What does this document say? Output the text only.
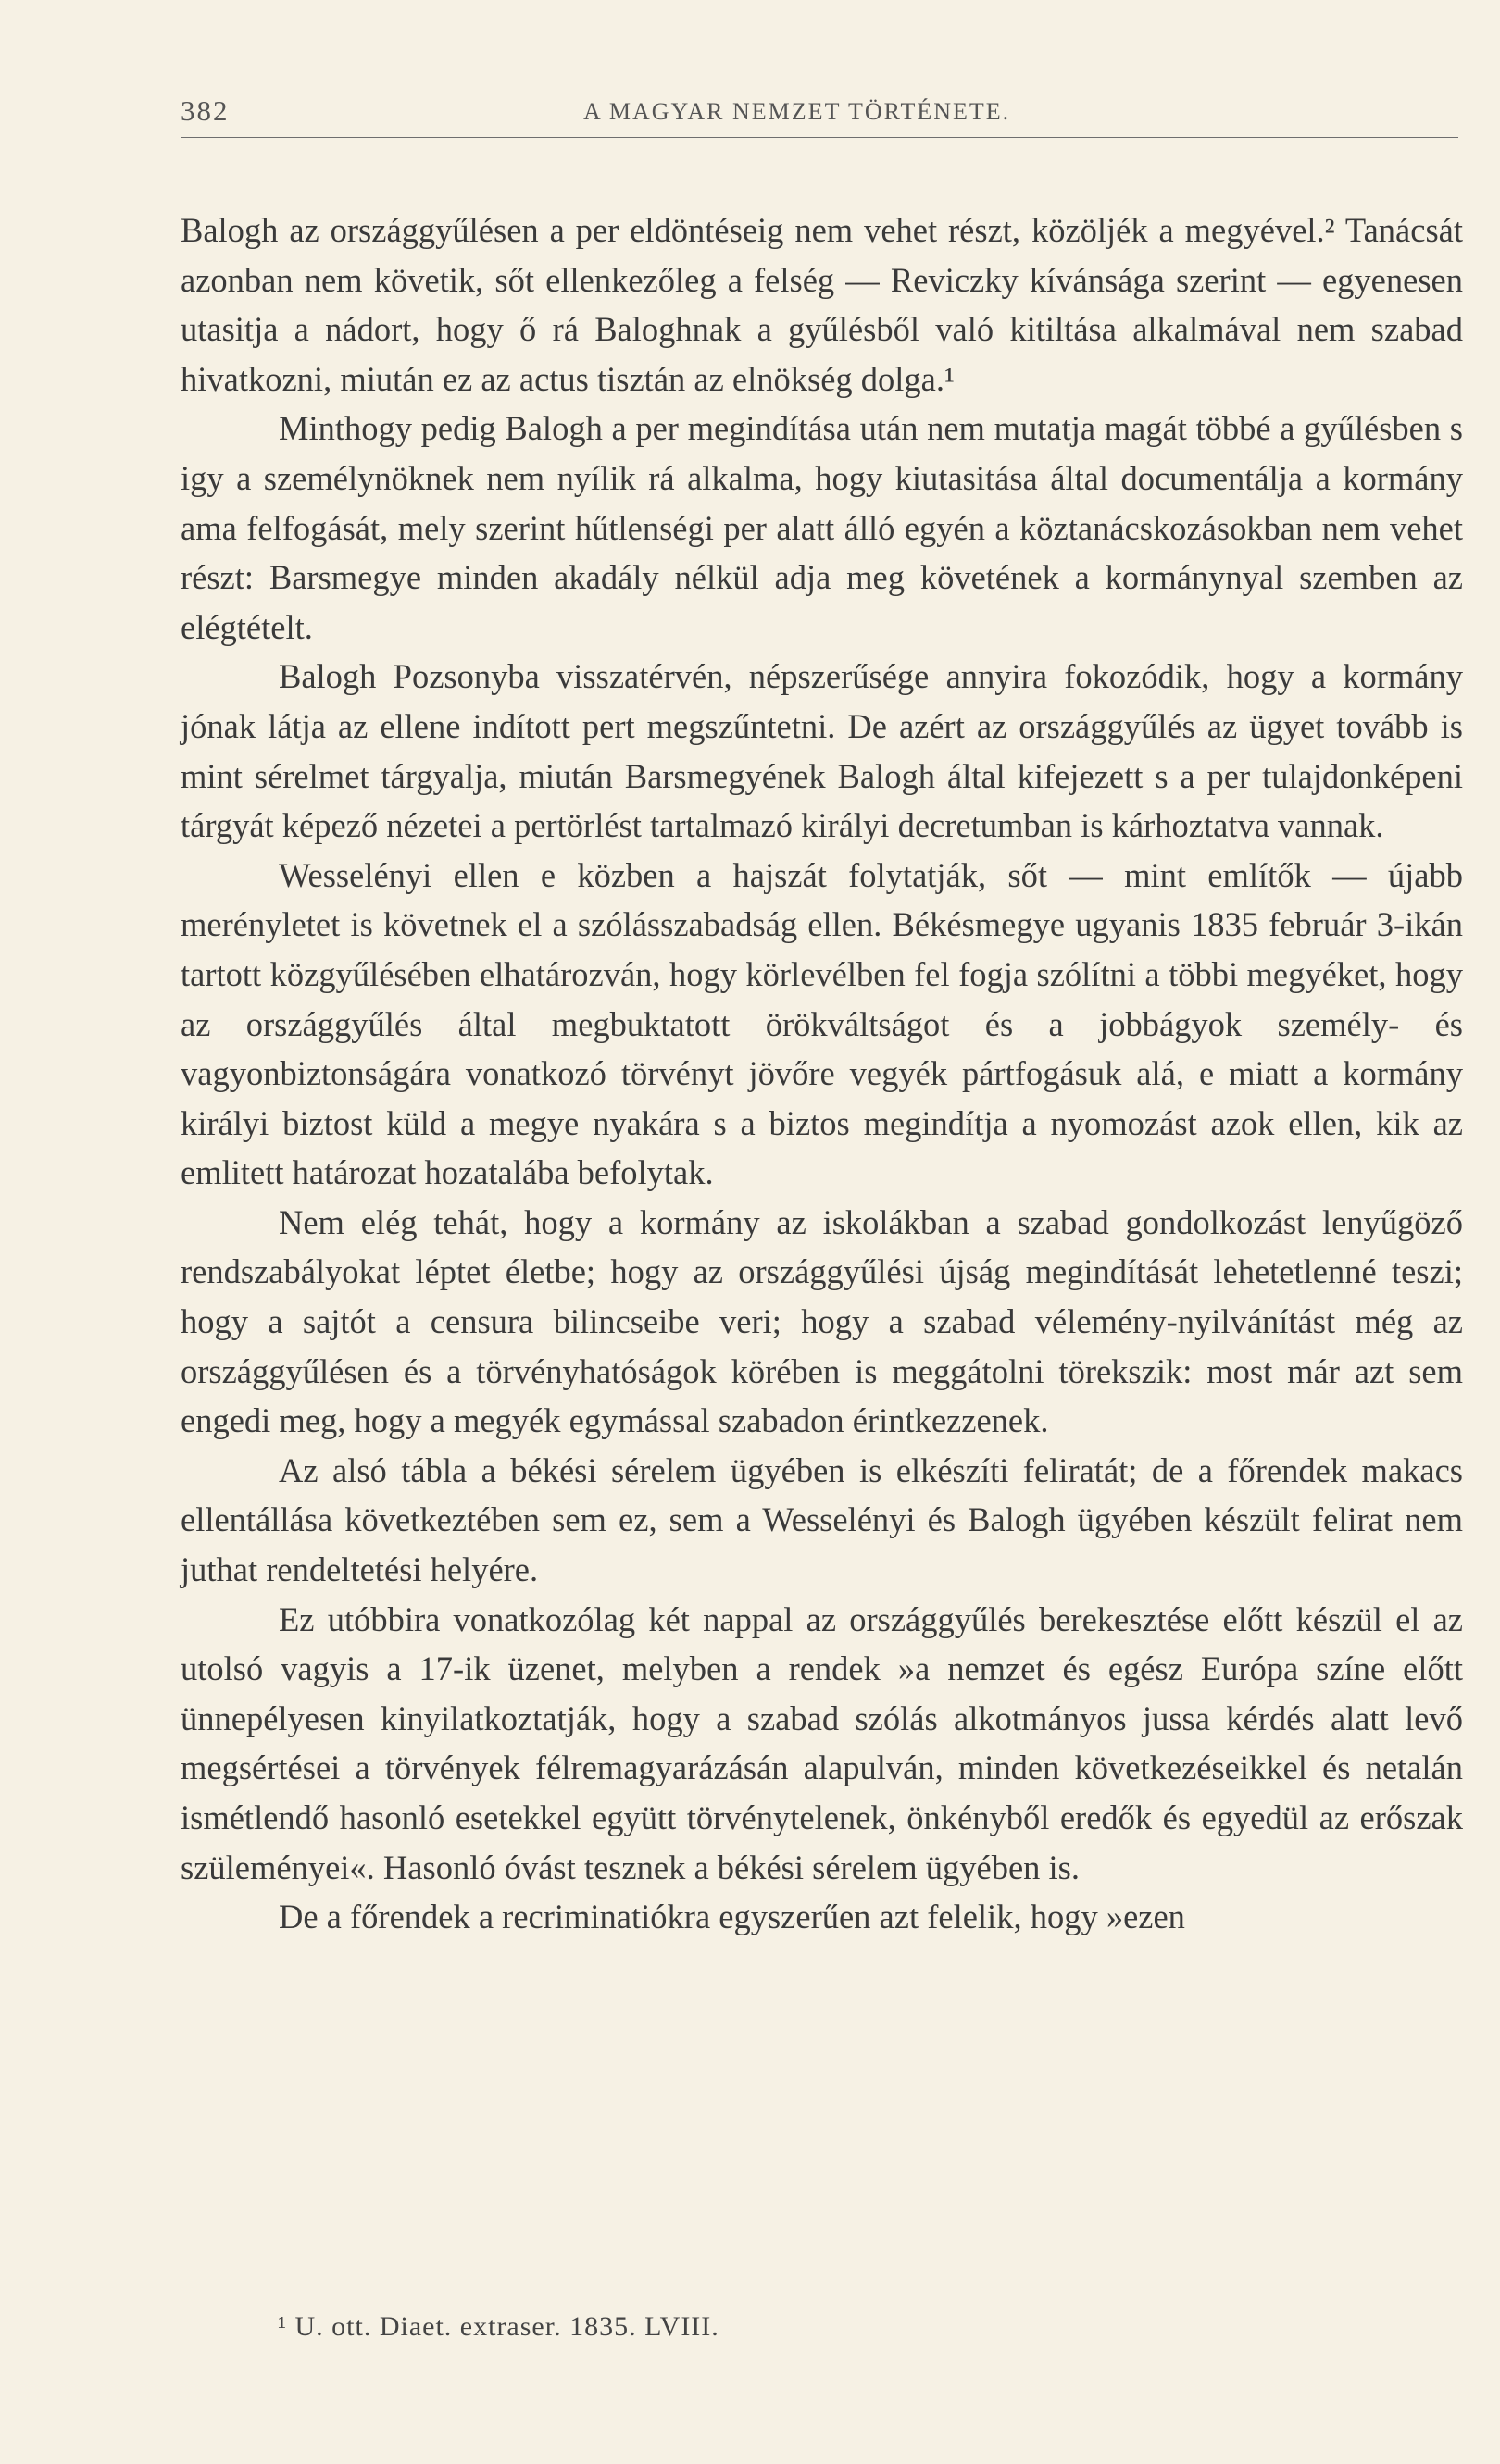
382	A MAGYAR NEMZET TÖRTÉNETE.

Balogh az országgyűlésen a per eldöntéseig nem vehet részt, közöljék a megyével.² Tanácsát azonban nem követik, sőt ellenkezőleg a felség — Reviczky kívánsága szerint — egyenesen utasitja a nádort, hogy ő rá Baloghnak a gyűlésből való kitiltása alkalmával nem szabad hivatkozni, miután ez az actus tisztán az elnökség dolga.¹

Minthogy pedig Balogh a per megindítása után nem mutatja magát többé a gyűlésben s igy a személynöknek nem nyílik rá alkalma, hogy kiutasitása által documentálja a kormány ama felfogását, mely szerint hűtlenségi per alatt álló egyén a köztanácskozásokban nem vehet részt: Barsmegye minden akadály nélkül adja meg követének a kormánynyal szemben az elégtételt.

Balogh Pozsonyba visszatérvén, népszerűsége annyira fokozódik, hogy a kormány jónak látja az ellene indított pert megszűntetni. De azért az országgyűlés az ügyet tovább is mint sérelmet tárgyalja, miután Barsmegyének Balogh által kifejezett s a per tulajdonképeni tárgyát képező nézetei a pertörlést tartalmazó királyi decretumban is kárhoztatva vannak.

Wesselényi ellen e közben a hajszát folytatják, sőt — mint említők — újabb merényletet is követnek el a szólásszabadság ellen. Békésmegye ugyanis 1835 február 3-ikán tartott közgyűlésében elhatározván, hogy körlevélben fel fogja szólítni a többi megyéket, hogy az országgyűlés által megbuktatott örökváltságot és a jobbágyok személy- és vagyonbiztonságára vonatkozó törvényt jövőre vegyék pártfogásuk alá, e miatt a kormány királyi biztost küld a megye nyakára s a biztos megindítja a nyomozást azok ellen, kik az emlitett határozat hozatalába befolytak.

Nem elég tehát, hogy a kormány az iskolákban a szabad gondolkozást lenyűgöző rendszabályokat léptet életbe; hogy az országgyűlési újság megindítását lehetetlenné teszi; hogy a sajtót a censura bilincseibe veri; hogy a szabad vélemény-nyilvánítást még az országgyűlésen és a törvényhatóságok körében is meggátolni törekszik: most már azt sem engedi meg, hogy a megyék egymással szabadon érintkezzenek.

Az alsó tábla a békési sérelem ügyében is elkészíti feliratát; de a főrendek makacs ellentállása következtében sem ez, sem a Wesselényi és Balogh ügyében készült felirat nem juthat rendeltetési helyére.

Ez utóbbira vonatkozólag két nappal az országgyűlés berekesztése előtt készül el az utolsó vagyis a 17-ik üzenet, melyben a rendek »a nemzet és egész Európa színe előtt ünnepélyesen kinyilatkoztatják, hogy a szabad szólás alkotmányos jussa kérdés alatt levő megsértései a törvények félremagyarázásán alapulván, minden következéseikkel és netalán ismétlendő hasonló esetekkel együtt törvénytelenek, önkényből eredők és egyedül az erőszak szüleményei«. Hasonló óvást tesznek a békési sérelem ügyében is.

De a főrendek a recriminatiókra egyszerűen azt felelik, hogy »ezen

¹ U. ott. Diaet. extraser. 1835. LVIII.
